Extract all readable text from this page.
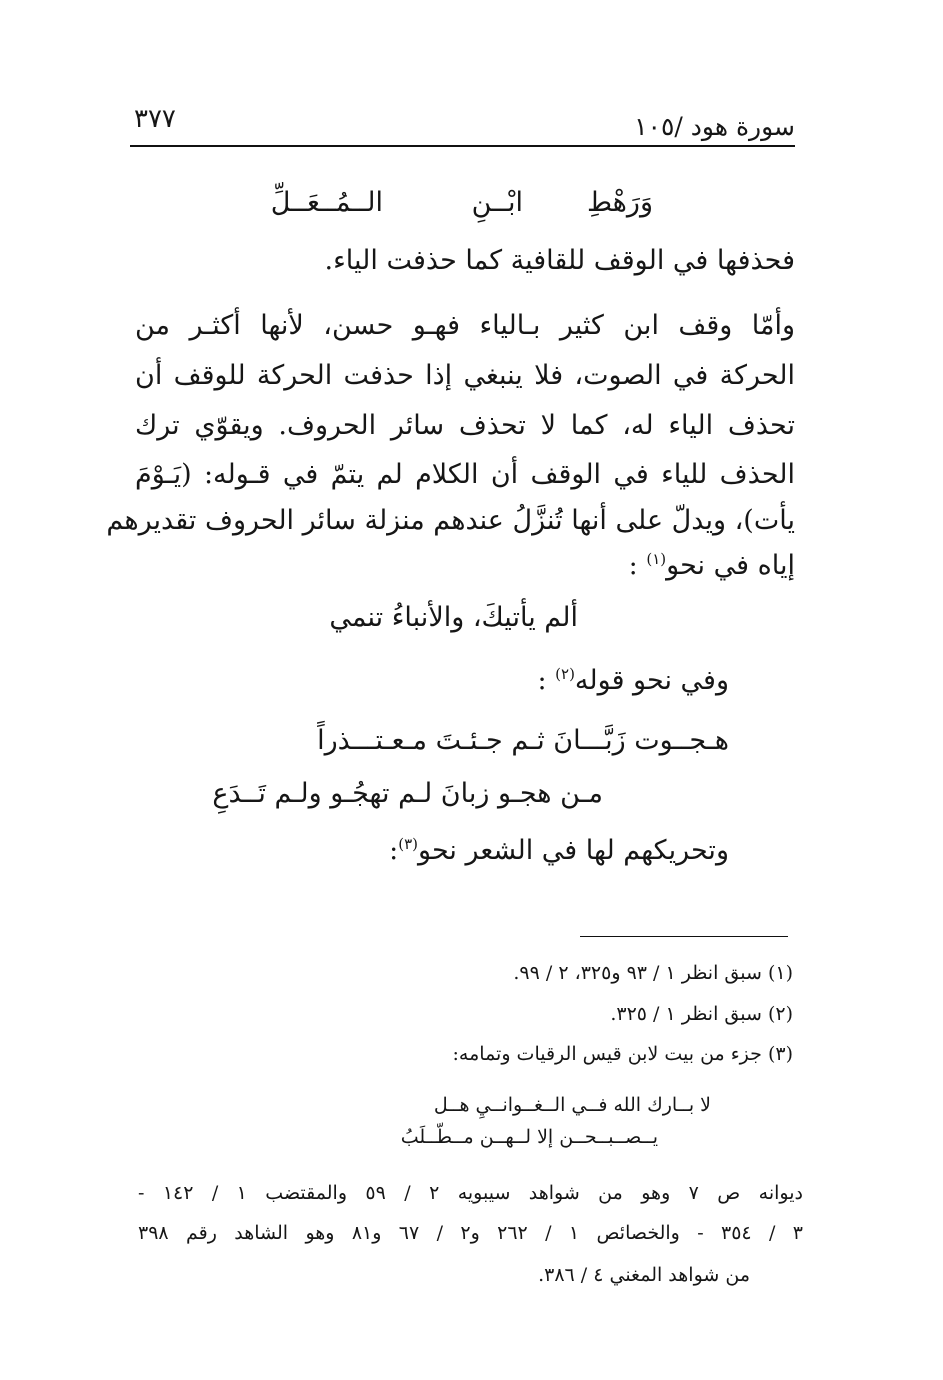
سورة هود /١٠٥
٣٧٧
وَرَهْطِ
ابْــنِ
الــمُــعَــلِّ
فحذفها في الوقف للقافية كما حذفت الياء.
وأمّا وقف ابن كثير بـالياء فهـو حسن، لأنها أكثـر من
الحركة في الصوت، فلا ينبغي إذا حذفت الحركة للوقف أن
تحذف الياء له، كما لا تحذف سائر الحروف. ويقوّي ترك
الحذف للياء في الوقف أن الكلام لم يتمّ في قـوله: (يَـوْمَ
يأت)، ويدلّ على أنها تُنزَّلُ عندهم منزلة سائر الحروف تقديرهم
إياه في نحو$^{(١)}$ :
ألم يأتيكَ، والأنباءُ تنمي
وفي نحو قوله$^{(٢)}$ :
هـجــوت زَبَّـــانَ ثـم جـئـتَ مـعـتـــذراً
مـن هجـو زبانَ لـم تهجُـو ولـم تَــدَعِ
وتحريكهم لها في الشعر نحو$^{(٣)}$:
(١) سبق انظر ١ / ٩٣ و٣٢٥، ٢ / ٩٩.
(٢) سبق انظر ١ / ٣٢٥.
(٣) جزء من بيت لابن قيس الرقيات وتمامه:
لا بــارك الله فــي الــغــوانــيِ هــل
يــصــبــحــن إلا لــهــن مــطّــلَبُ
ديوانه ص ٧ وهو من شواهد سيبويه ٢ / ٥٩ والمقتضب ١ / ١٤٢ -
٣ / ٣٥٤ - والخصائص ١ / ٢٦٢ و٢ / ٦٧ و٨١ وهو الشاهد رقم ٣٩٨
من شواهد المغني ٤ / ٣٨٦.
